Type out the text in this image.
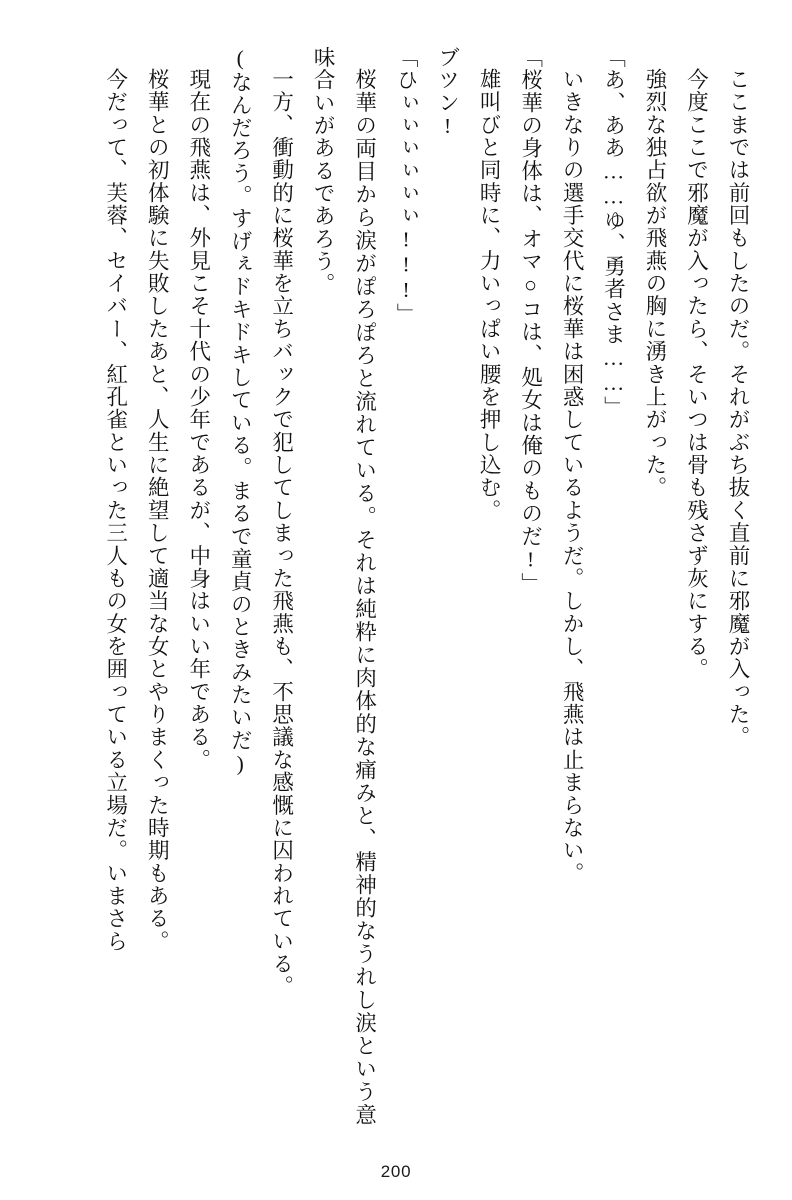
ここまでは前回もしたのだ。それがぶち抜く直前に邪魔が入った。

今度ここで邪魔が入ったら、そいつは骨も残さず灰にする。

強烈な独占欲が飛燕の胸に湧き上がった。

「あ、ああ……ゆ、勇者さま……」

いきなりの選手交代に桜華は困惑しているようだ。しかし、飛燕は止まらない。

「桜華の身体は、オマ○コは、処女は俺のものだ!」

雄叫びと同時に、力いっぱい腰を押し込む。

ブツン!

「ひぃぃぃぃぃぃ!!!」

桜華の両目から涙がぽろぽろと流れている。それは純粋に肉体的な痛みと、精神的なうれし涙という意味合いがあるであろう。

一方、衝動的に桜華を立ちバックで犯してしまった飛燕も、不思議な感慨に囚われている。

(なんだろう。すげぇドキドキしている。まるで童貞のときみたいだ)

現在の飛燕は、外見こそ十代の少年であるが、中身はいい年である。

桜華との初体験に失敗したあと、人生に絶望して適当な女とやりまくった時期もある。

今だって、芙蓉、セイバー、紅孔雀といった三人もの女を囲っている立場だ。いまさら

200
